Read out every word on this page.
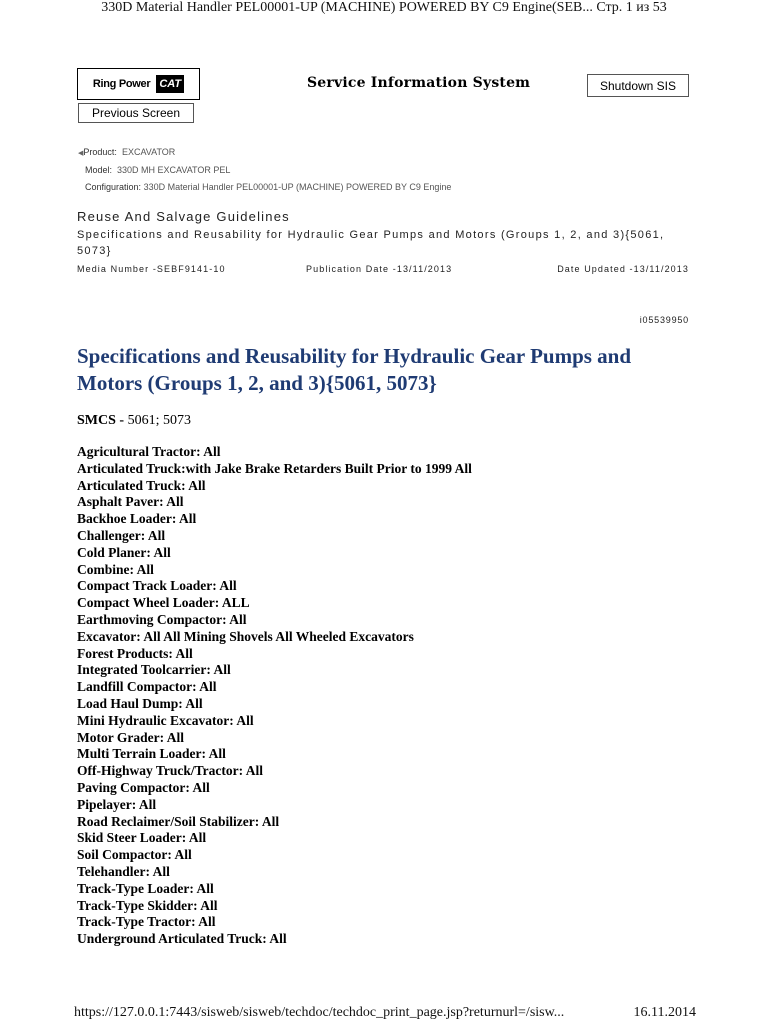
330D Material Handler PEL00001-UP (MACHINE) POWERED BY C9 Engine(SEB... Стр. 1 из 53
Ring Power CAT	Service Information System	Shutdown SIS
Previous Screen
◀Product: EXCAVATOR
Model: 330D MH EXCAVATOR PEL
Configuration: 330D Material Handler PEL00001-UP (MACHINE) POWERED BY C9 Engine
Reuse And Salvage Guidelines
Specifications and Reusability for Hydraulic Gear Pumps and Motors (Groups 1, 2, and 3){5061, 5073}
Media Number -SEBF9141-10	Publication Date -13/11/2013	Date Updated -13/11/2013
i05539950
Specifications and Reusability for Hydraulic Gear Pumps and Motors (Groups 1, 2, and 3){5061, 5073}
SMCS - 5061; 5073
Agricultural Tractor: All
Articulated Truck:with Jake Brake Retarders Built Prior to 1999 All
Articulated Truck: All
Asphalt Paver: All
Backhoe Loader: All
Challenger: All
Cold Planer: All
Combine: All
Compact Track Loader: All
Compact Wheel Loader: ALL
Earthmoving Compactor: All
Excavator: All All Mining Shovels All Wheeled Excavators
Forest Products: All
Integrated Toolcarrier: All
Landfill Compactor: All
Load Haul Dump: All
Mini Hydraulic Excavator: All
Motor Grader: All
Multi Terrain Loader: All
Off-Highway Truck/Tractor: All
Paving Compactor: All
Pipelayer: All
Road Reclaimer/Soil Stabilizer: All
Skid Steer Loader: All
Soil Compactor: All
Telehandler: All
Track-Type Loader: All
Track-Type Skidder: All
Track-Type Tractor: All
Underground Articulated Truck: All
https://127.0.0.1:7443/sisweb/sisweb/techdoc/techdoc_print_page.jsp?returnurl=/sisw...	16.11.2014
